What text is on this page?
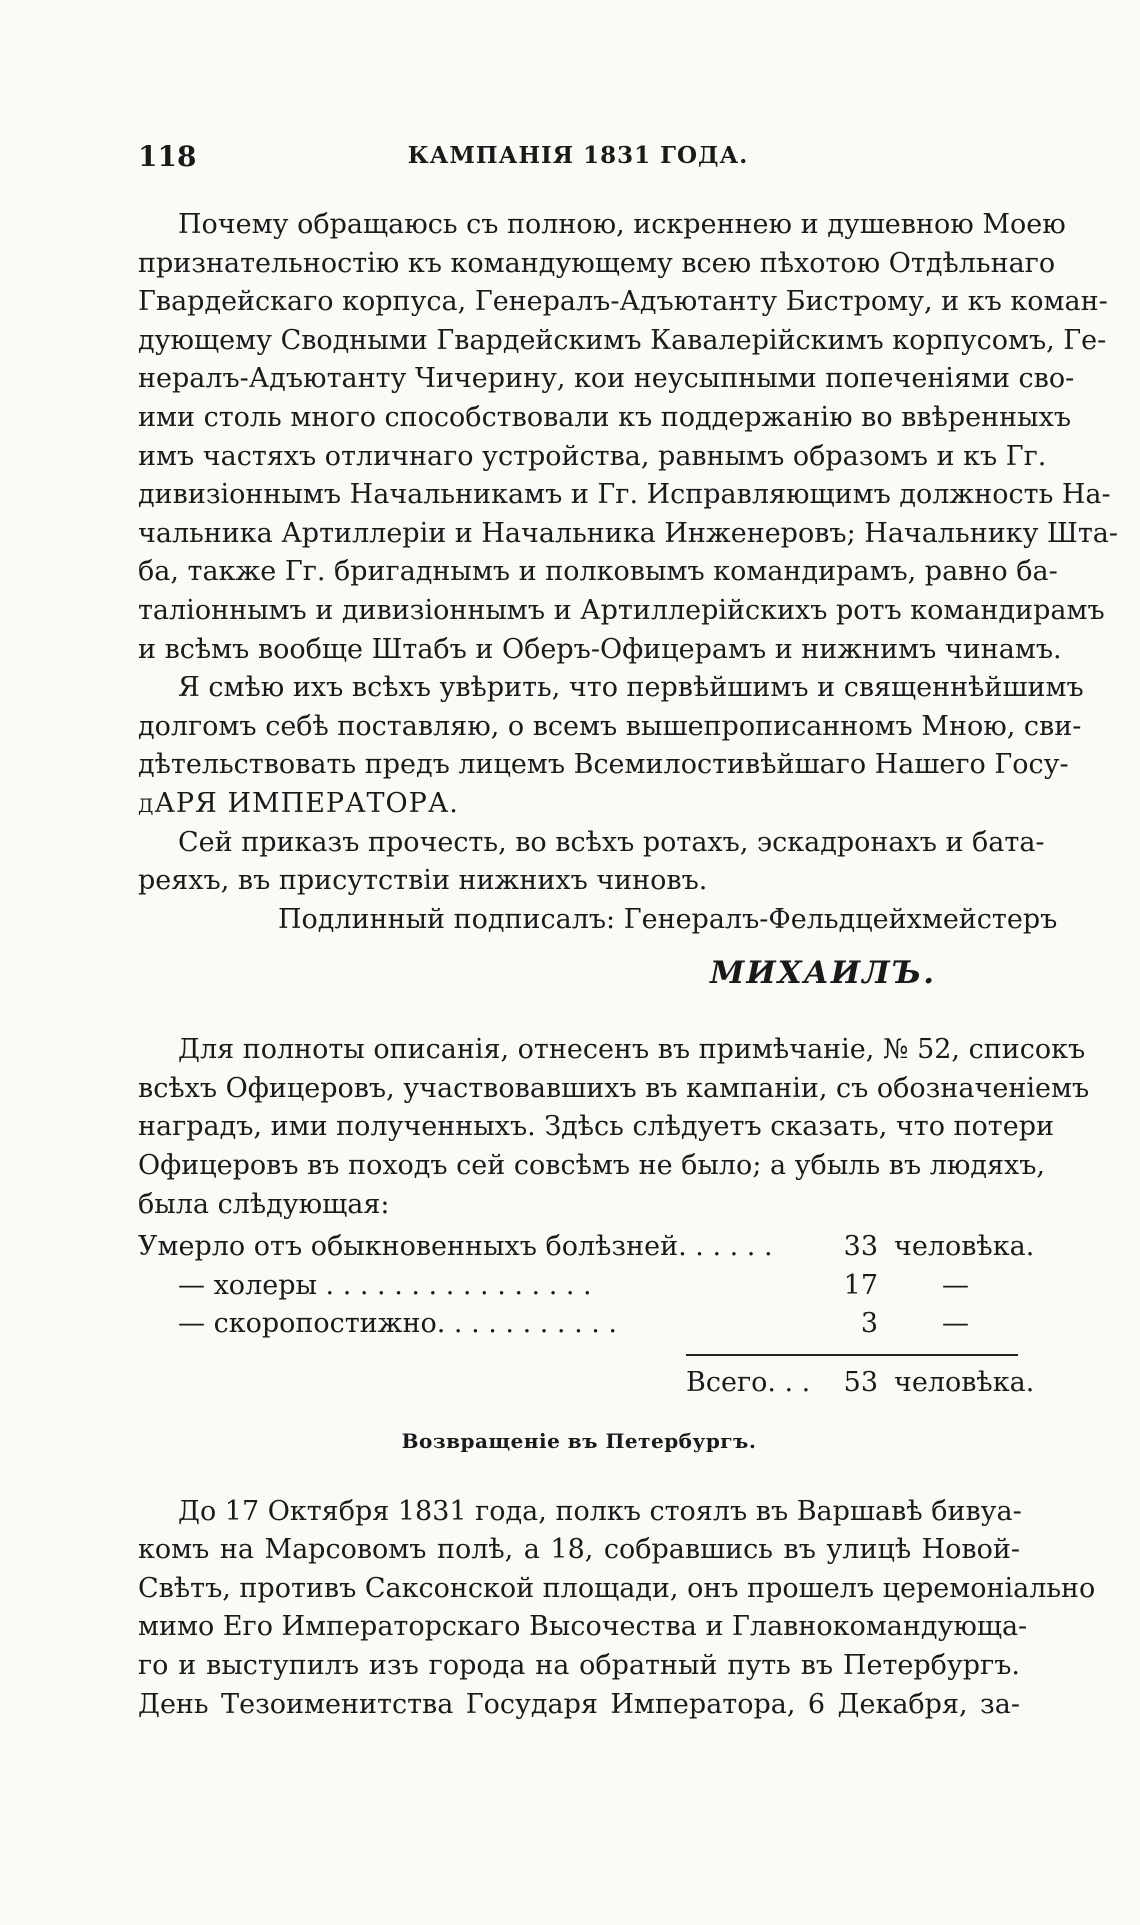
118	КАМПАНІЯ 1831 ГОДА.
Почему обращаюсь съ полною, искреннею и душевною Моею
признательностію къ командующему всею пѣхотою Отдѣльнаго
Гвардейскаго корпуса, Генералъ-Адъютанту Бистрому, и къ коман-
дующему Сводными Гвардейскимъ Кавалерійскимъ корпусомъ, Ге-
нералъ-Адъютанту Чичерину, кои неусыпными попеченіями сво-
ими столь много способствовали къ поддержанію во ввѣренныхъ
имъ частяхъ отличнаго устройства, равнымъ образомъ и къ Гг.
дивизіоннымъ Начальникамъ и Гг. Исправляющимъ должность На-
чальника Артиллеріи и Начальника Инженеровъ; Начальнику Шта-
ба, также Гг. бригаднымъ и полковымъ командирамъ, равно ба-
таліоннымъ и дивизіоннымъ и Артиллерійскихъ ротъ командирамъ
и всѣмъ вообще Штабъ и Оберъ-Офицерамъ и нижнимъ чинамъ.
Я смѣю ихъ всѣхъ увѣрить, что первѣйшимъ и священнѣйшимъ
долгомъ себѣ поставляю, о всемъ вышепрописанномъ Мною, сви-
дѣтельствовать предъ лицемъ Всемилостивѣйшаго Нашего Госу-
дАРЯ ИМПЕРАТОРА.
Сей приказъ прочесть, во всѣхъ ротахъ, эскадронахъ и бата-
реяхъ, въ присутствіи нижнихъ чиновъ.
Подлинный подписалъ: Генералъ-Фельдцейхмейстеръ
МИХАИЛЪ.
Для полноты описанія, отнесенъ въ примѣчаніе, № 52, списокъ
всѣхъ Офицеровъ, участвовавшихъ въ кампаніи, съ обозначеніемъ
наградъ, ими полученныхъ. Здѣсь слѣдуетъ сказать, что потери
Офицеровъ въ походъ сей совсѣмъ не было; а убыль въ людяхъ,
была слѣдующая:
Умерло отъ обыкновенныхъ болѣзней. . . . . .	33 человѣка.
— холеры . . . . . . . . . . . . . . . .	17 —
— скоропостижно. . . . . . . . . . .	3 —
Всего. . . 53 человѣка.
Возвращеніе въ Петербургъ.
До 17 Октября 1831 года, полкъ стоялъ въ Варшавѣ бивуа-
комъ на Марсовомъ полѣ, а 18, собравшись въ улицѣ Новой-
Свѣтъ, противъ Саксонской площади, онъ прошелъ церемоніально
мимо Его Императорскаго Высочества и Главнокомандующа-
го и выступилъ изъ города на обратный путь въ Петербургъ.
День Тезоименитства Государя Императора, 6 Декабря, за-
